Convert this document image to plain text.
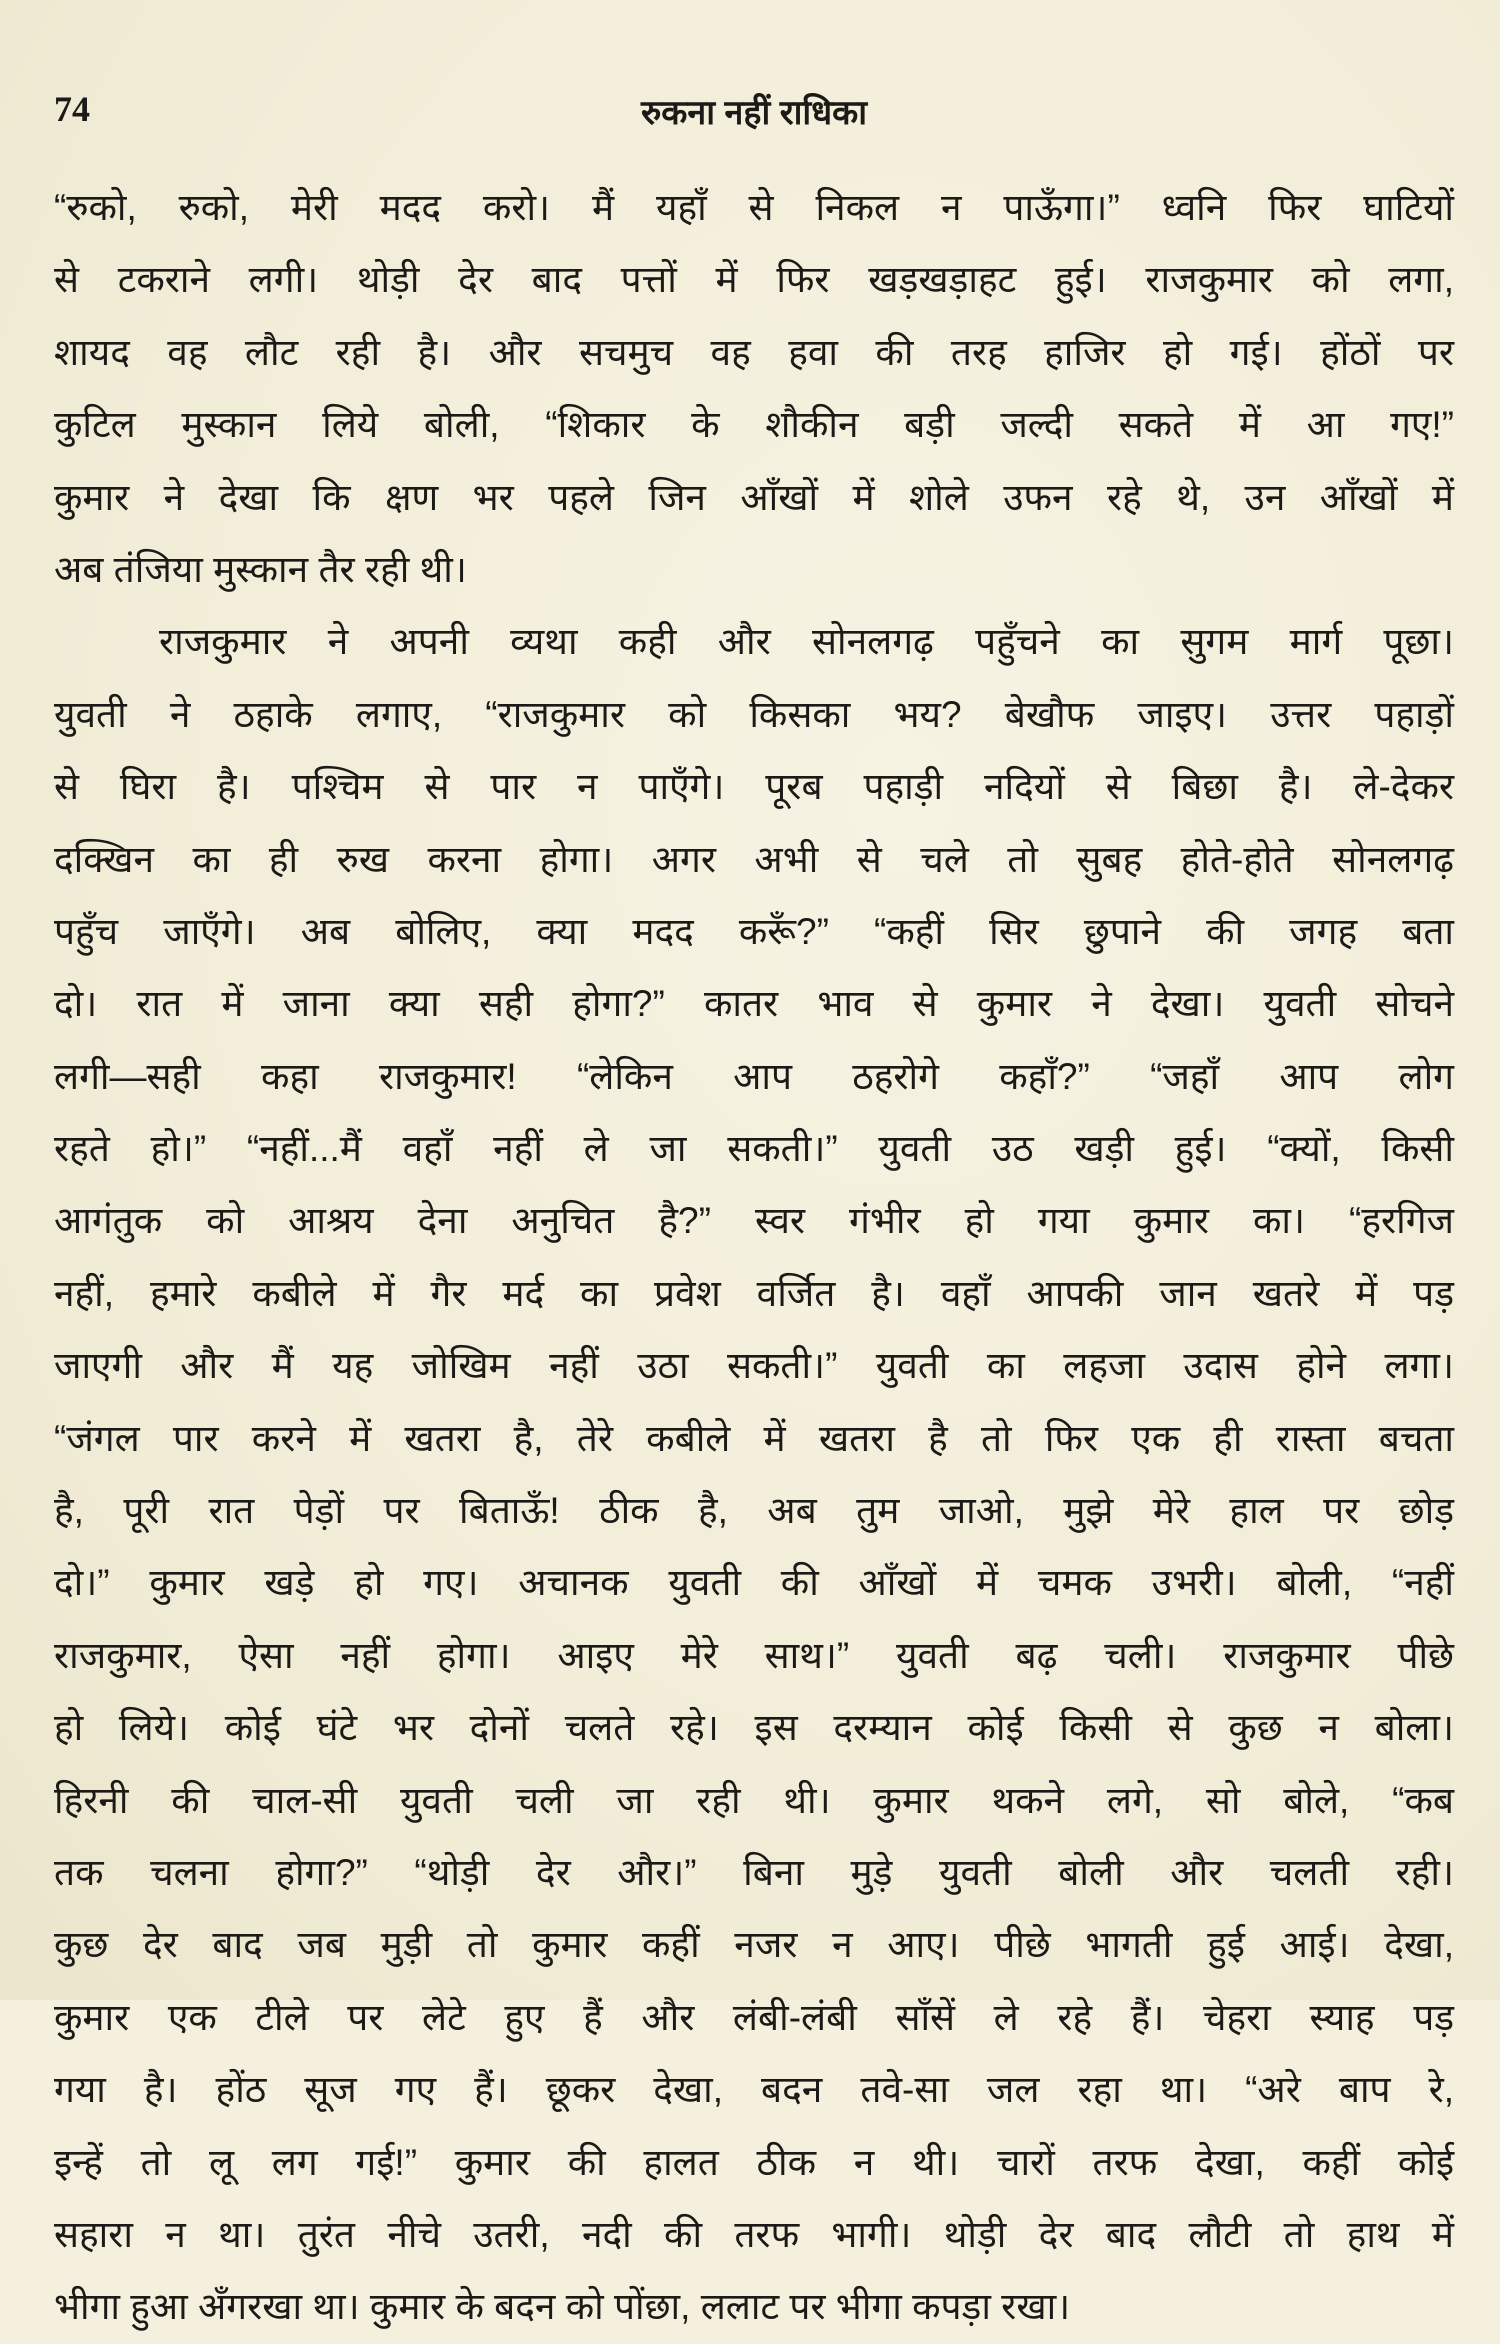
74	रुकना नहीं राधिका
“रुको, रुको, मेरी मदद करो। मैं यहाँ से निकल न पाऊँगा।” ध्वनि फिर घाटियों
से टकराने लगी। थोड़ी देर बाद पत्तों में फिर खड़खड़ाहट हुई। राजकुमार को लगा,
शायद वह लौट रही है। और सचमुच वह हवा की तरह हाजिर हो गई। होंठों पर
कुटिल मुस्कान लिये बोली, “शिकार के शौकीन बड़ी जल्दी सकते में आ गए!”
कुमार ने देखा कि क्षण भर पहले जिन आँखों में शोले उफन रहे थे, उन आँखों में
अब तंजिया मुस्कान तैर रही थी।
राजकुमार ने अपनी व्यथा कही और सोनलगढ़ पहुँचने का सुगम मार्ग पूछा।
युवती ने ठहाके लगाए, “राजकुमार को किसका भय? बेखौफ जाइए। उत्तर पहाड़ों
से घिरा है। पश्चिम से पार न पाएँगे। पूरब पहाड़ी नदियों से बिछा है। ले-देकर
दक्खिन का ही रुख करना होगा। अगर अभी से चले तो सुबह होते-होते सोनलगढ़
पहुँच जाएँगे। अब बोलिए, क्या मदद करूँ?” “कहीं सिर छुपाने की जगह बता
दो। रात में जाना क्या सही होगा?” कातर भाव से कुमार ने देखा। युवती सोचने
लगी—सही कहा राजकुमार! “लेकिन आप ठहरोगे कहाँ?” “जहाँ आप लोग
रहते हो।” “नहीं...मैं वहाँ नहीं ले जा सकती।” युवती उठ खड़ी हुई। “क्यों, किसी
आगंतुक को आश्रय देना अनुचित है?” स्वर गंभीर हो गया कुमार का। “हरगिज
नहीं, हमारे कबीले में गैर मर्द का प्रवेश वर्जित है। वहाँ आपकी जान खतरे में पड़
जाएगी और मैं यह जोखिम नहीं उठा सकती।” युवती का लहजा उदास होने लगा।
“जंगल पार करने में खतरा है, तेरे कबीले में खतरा है तो फिर एक ही रास्ता बचता
है, पूरी रात पेड़ों पर बिताऊँ! ठीक है, अब तुम जाओ, मुझे मेरे हाल पर छोड़
दो।” कुमार खड़े हो गए। अचानक युवती की आँखों में चमक उभरी। बोली, “नहीं
राजकुमार, ऐसा नहीं होगा। आइए मेरे साथ।” युवती बढ़ चली। राजकुमार पीछे
हो लिये। कोई घंटे भर दोनों चलते रहे। इस दरम्यान कोई किसी से कुछ न बोला।
हिरनी की चाल-सी युवती चली जा रही थी। कुमार थकने लगे, सो बोले, “कब
तक चलना होगा?” “थोड़ी देर और।” बिना मुड़े युवती बोली और चलती रही।
कुछ देर बाद जब मुड़ी तो कुमार कहीं नजर न आए। पीछे भागती हुई आई। देखा,
कुमार एक टीले पर लेटे हुए हैं और लंबी-लंबी साँसें ले रहे हैं। चेहरा स्याह पड़
गया है। होंठ सूज गए हैं। छूकर देखा, बदन तवे-सा जल रहा था। “अरे बाप रे,
इन्हें तो लू लग गई!” कुमार की हालत ठीक न थी। चारों तरफ देखा, कहीं कोई
सहारा न था। तुरंत नीचे उतरी, नदी की तरफ भागी। थोड़ी देर बाद लौटी तो हाथ में
भीगा हुआ अँगरखा था। कुमार के बदन को पोंछा, ललाट पर भीगा कपड़ा रखा।
